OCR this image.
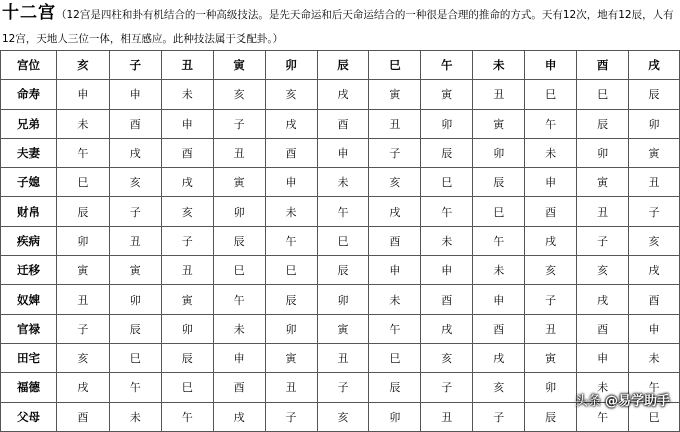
十二宫（12宫是四柱和卦有机结合的一种高级技法。是先天命运和后天命运结合的一种很是合理的推命的方式。天有12次，地有12辰，人有12宫，天地人三位一体，相互感应。此种技法属于爻配卦。）
宫位	亥	子	丑	寅	卯	辰	巳	午	未	申	酉	戌
命寿	申	申	未	亥	亥	戌	寅	寅	丑	巳	巳	辰
兄弟	未	酉	申	子	戌	酉	丑	卯	寅	午	辰	卯
夫妻	午	戌	酉	丑	酉	申	子	辰	卯	未	卯	寅
子媳	巳	亥	戌	寅	申	未	亥	巳	辰	申	寅	丑
财帛	辰	子	亥	卯	未	午	戌	午	巳	酉	丑	子
疾病	卯	丑	子	辰	午	巳	酉	未	午	戌	子	亥
迁移	寅	寅	丑	巳	巳	辰	申	申	未	亥	亥	戌
奴婢	丑	卯	寅	午	辰	卯	未	酉	申	子	戌	酉
官禄	子	辰	卯	未	卯	寅	午	戌	酉	丑	酉	申
田宅	亥	巳	辰	申	寅	丑	巳	亥	戌	寅	申	未
福德	戌	午	巳	酉	丑	子	辰	子	亥	卯	未	午
父母	酉	未	午	戌	子	亥	卯	丑	子	辰	午	巳
头条 @易学助手
